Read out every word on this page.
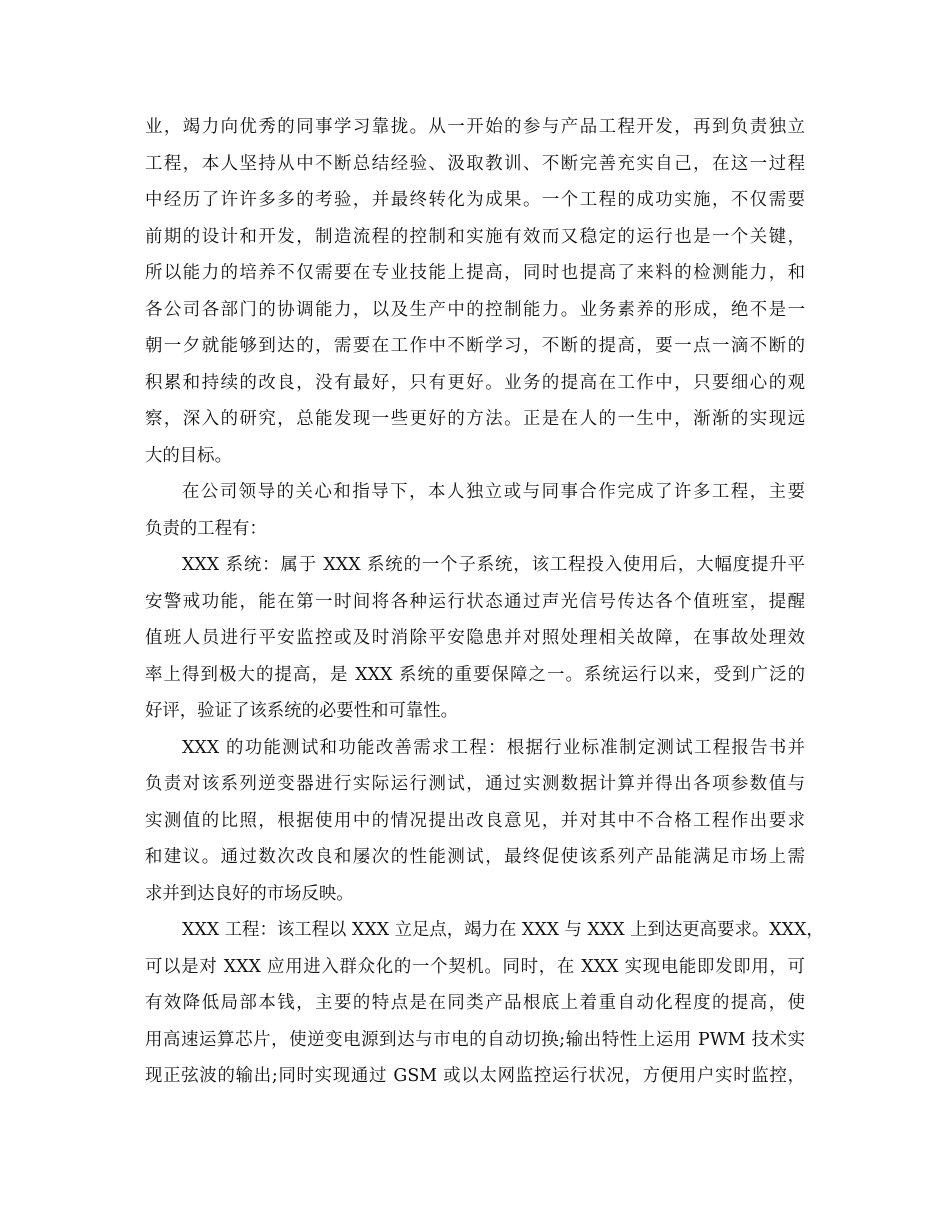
业，竭力向优秀的同事学习靠拢。从一开始的参与产品工程开发，再到负责独立
工程，本人坚持从中不断总结经验、汲取教训、不断完善充实自己，在这一过程
中经历了许许多多的考验，并最终转化为成果。一个工程的成功实施，不仅需要
前期的设计和开发，制造流程的控制和实施有效而又稳定的运行也是一个关键，
所以能力的培养不仅需要在专业技能上提高，同时也提高了来料的检测能力，和
各公司各部门的协调能力，以及生产中的控制能力。业务素养的形成，绝不是一
朝一夕就能够到达的，需要在工作中不断学习，不断的提高，要一点一滴不断的
积累和持续的改良，没有最好，只有更好。业务的提高在工作中，只要细心的观
察，深入的研究，总能发现一些更好的方法。正是在人的一生中，渐渐的实现远
大的目标。
在公司领导的关心和指导下，本人独立或与同事合作完成了许多工程，主要
负责的工程有：
XXX 系统：属于 XXX 系统的一个子系统，该工程投入使用后，大幅度提升平
安警戒功能，能在第一时间将各种运行状态通过声光信号传达各个值班室，提醒
值班人员进行平安监控或及时消除平安隐患并对照处理相关故障，在事故处理效
率上得到极大的提高，是 XXX 系统的重要保障之一。系统运行以来，受到广泛的
好评，验证了该系统的必要性和可靠性。
XXX 的功能测试和功能改善需求工程：根据行业标准制定测试工程报告书并
负责对该系列逆变器进行实际运行测试，通过实测数据计算并得出各项参数值与
实测值的比照，根据使用中的情况提出改良意见，并对其中不合格工程作出要求
和建议。通过数次改良和屡次的性能测试，最终促使该系列产品能满足市场上需
求并到达良好的市场反映。
XXX 工程：该工程以 XXX 立足点，竭力在 XXX 与 XXX 上到达更高要求。XXX，
可以是对 XXX 应用进入群众化的一个契机。同时，在 XXX 实现电能即发即用，可
有效降低局部本钱，主要的特点是在同类产品根底上着重自动化程度的提高，使
用高速运算芯片，使逆变电源到达与市电的自动切换;输出特性上运用 PWM 技术实
现正弦波的输出;同时实现通过 GSM 或以太网监控运行状况，方便用户实时监控，
